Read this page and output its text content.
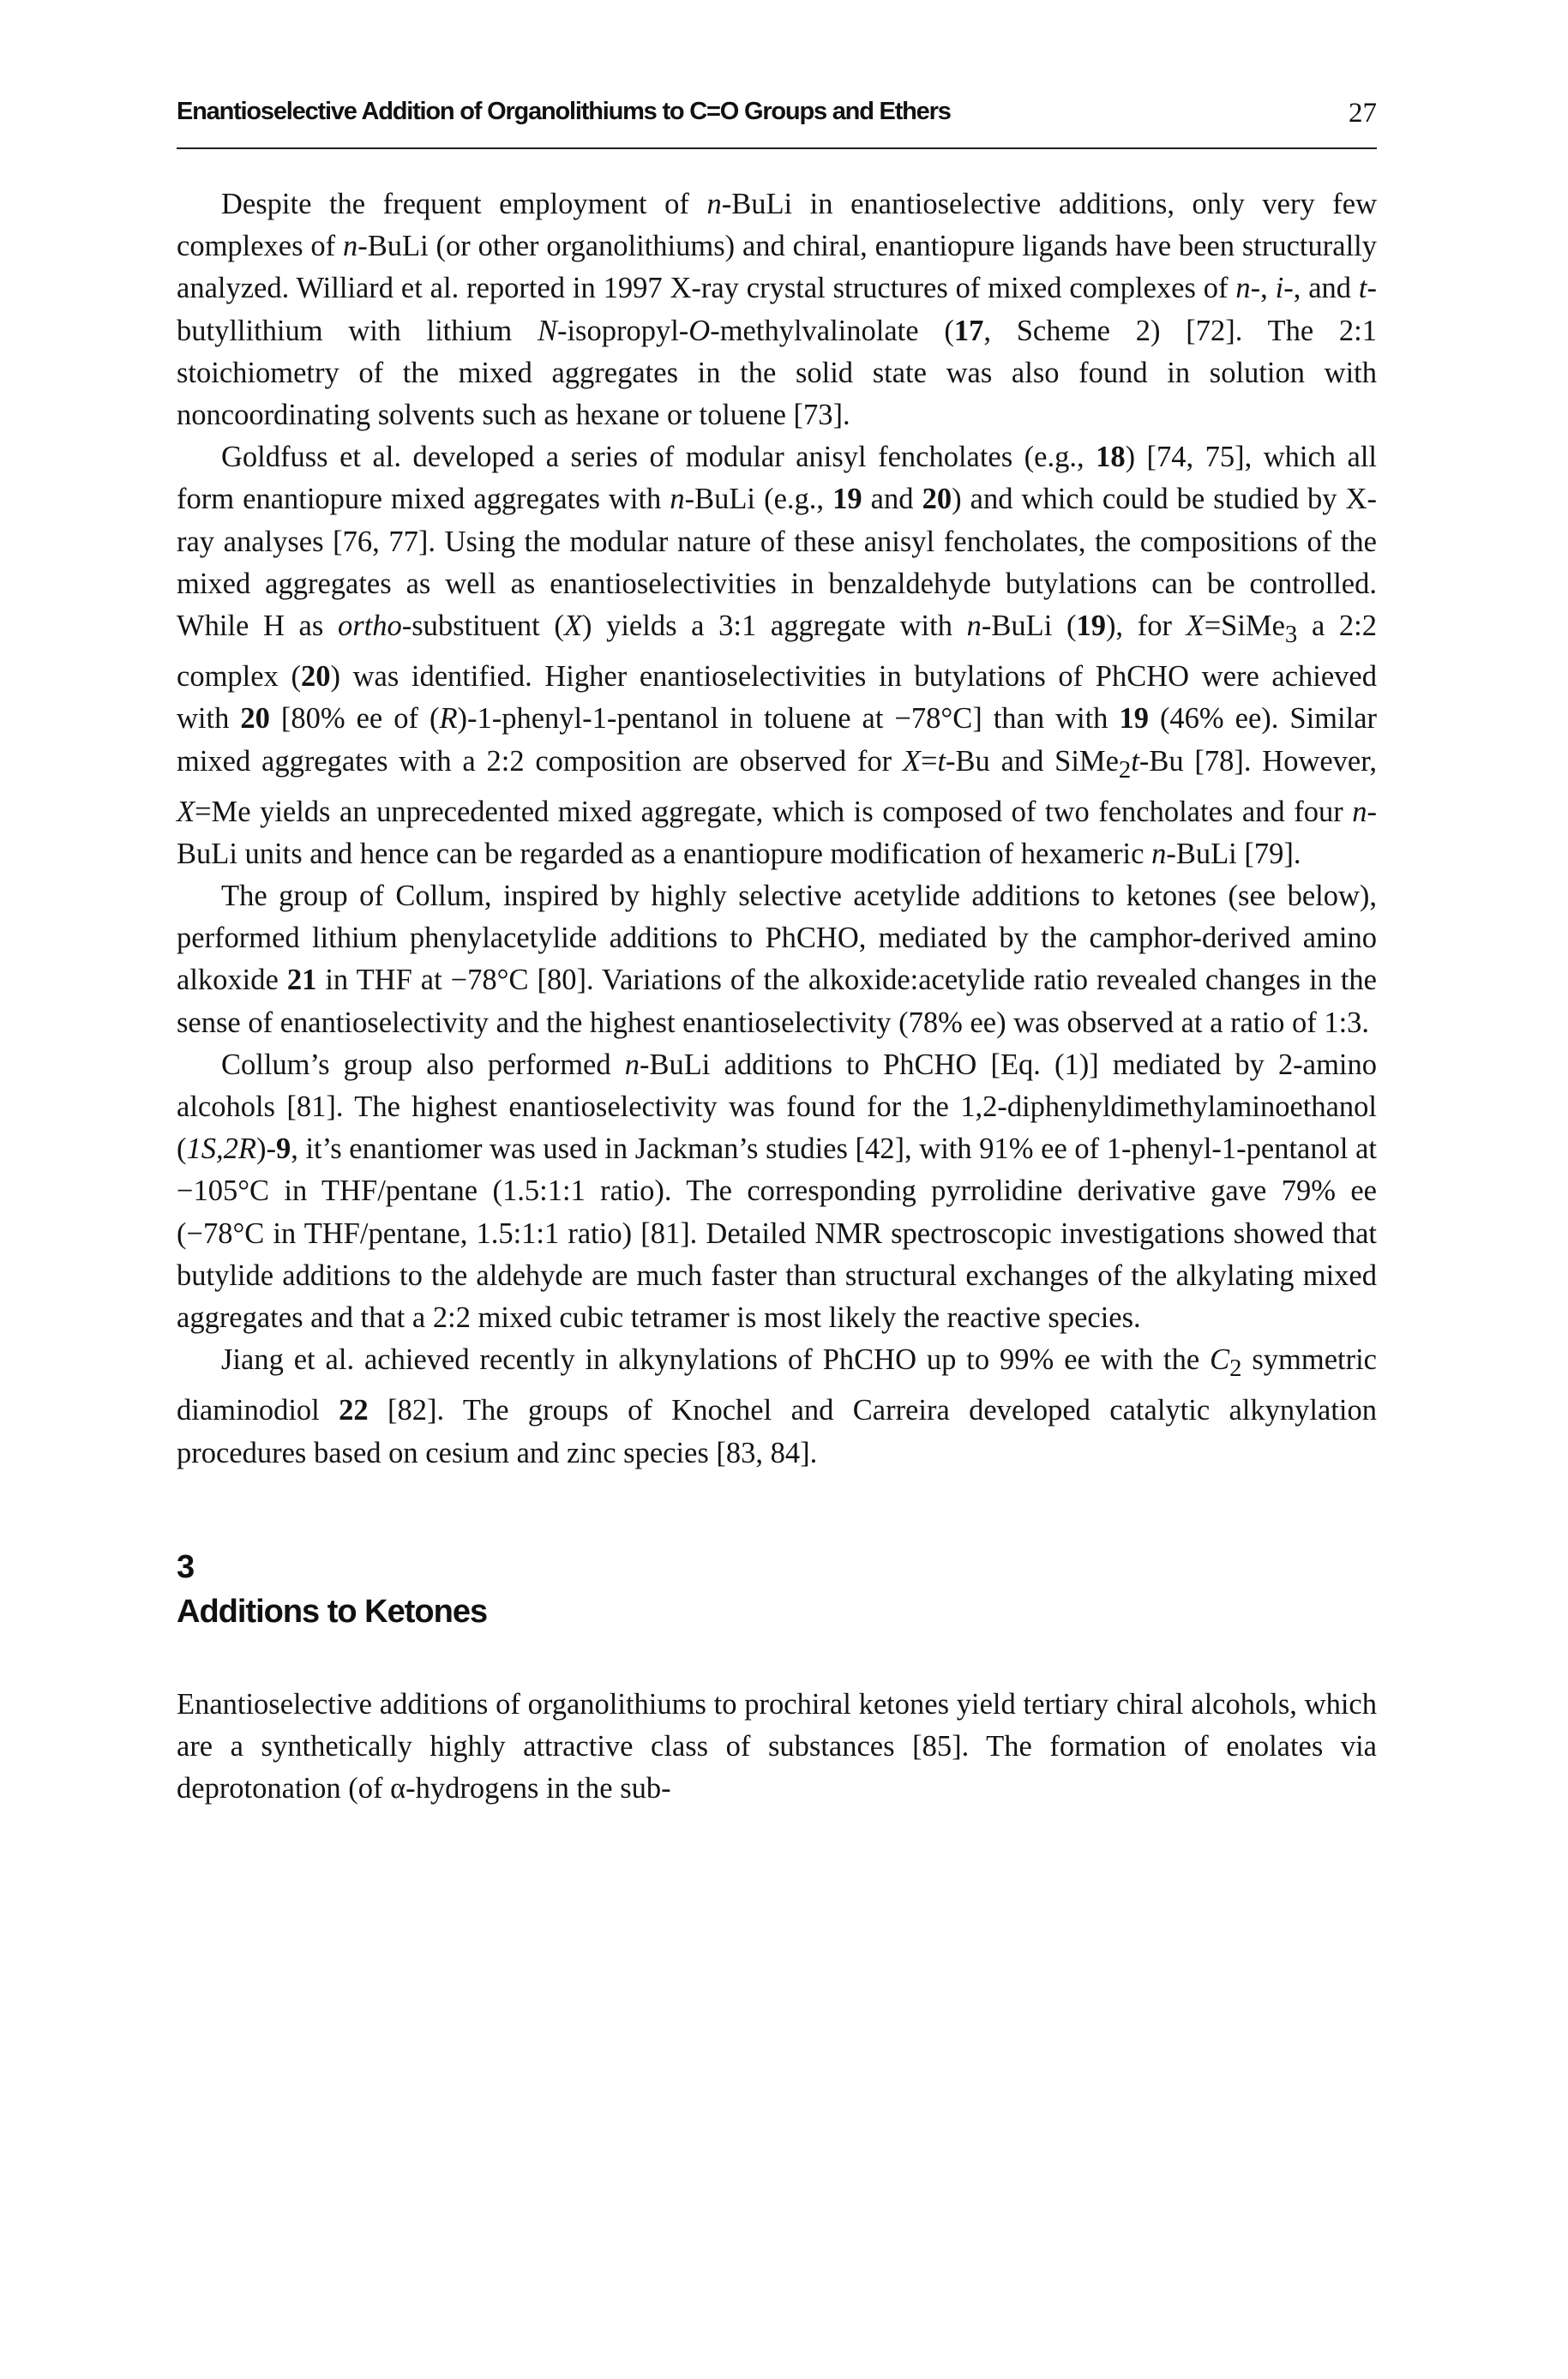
Enantioselective Addition of Organolithiums to C=O Groups and Ethers	27

Despite the frequent employment of n-BuLi in enantioselective additions, only very few complexes of n-BuLi (or other organolithiums) and chiral, enantiopure ligands have been structurally analyzed. Williard et al. reported in 1997 X-ray crystal structures of mixed complexes of n-, i-, and t-butyllithium with lithium N-isopropyl-O-methylvalinolate (17, Scheme 2) [72]. The 2:1 stoichiometry of the mixed aggregates in the solid state was also found in solution with noncoordinating solvents such as hexane or toluene [73].

Goldfuss et al. developed a series of modular anisyl fencholates (e.g., 18) [74, 75], which all form enantiopure mixed aggregates with n-BuLi (e.g., 19 and 20) and which could be studied by X-ray analyses [76, 77]. Using the modular nature of these anisyl fencholates, the compositions of the mixed aggregates as well as enantioselectivities in benzaldehyde butylations can be controlled. While H as ortho-substituent (X) yields a 3:1 aggregate with n-BuLi (19), for X=SiMe$_3$ a 2:2 complex (20) was identified. Higher enantioselectivities in butylations of PhCHO were achieved with 20 [80% ee of (R)-1-phenyl-1-pentanol in toluene at −78°C] than with 19 (46% ee). Similar mixed aggregates with a 2:2 composition are observed for X=t-Bu and SiMe$_2$t-Bu [78]. However, X=Me yields an unprecedented mixed aggregate, which is composed of two fencholates and four n-BuLi units and hence can be regarded as a enantiopure modification of hexameric n-BuLi [79].

The group of Collum, inspired by highly selective acetylide additions to ketones (see below), performed lithium phenylacetylide additions to PhCHO, mediated by the camphor-derived amino alkoxide 21 in THF at −78°C [80]. Variations of the alkoxide:acetylide ratio revealed changes in the sense of enantioselectivity and the highest enantioselectivity (78% ee) was observed at a ratio of 1:3.

Collum’s group also performed n-BuLi additions to PhCHO [Eq. (1)] mediated by 2-amino alcohols [81]. The highest enantioselectivity was found for the 1,2-diphenyldimethylaminoethanol (1S,2R)-9, it’s enantiomer was used in Jackman’s studies [42], with 91% ee of 1-phenyl-1-pentanol at −105°C in THF/pentane (1.5:1:1 ratio). The corresponding pyrrolidine derivative gave 79% ee (−78°C in THF/pentane, 1.5:1:1 ratio) [81]. Detailed NMR spectroscopic investigations showed that butylide additions to the aldehyde are much faster than structural exchanges of the alkylating mixed aggregates and that a 2:2 mixed cubic tetramer is most likely the reactive species.

Jiang et al. achieved recently in alkynylations of PhCHO up to 99% ee with the $C_2$ symmetric diaminodiol 22 [82]. The groups of Knochel and Carreira developed catalytic alkynylation procedures based on cesium and zinc species [83, 84].

3
Additions to Ketones

Enantioselective additions of organolithiums to prochiral ketones yield tertiary chiral alcohols, which are a synthetically highly attractive class of substances [85]. The formation of enolates via deprotonation (of α-hydrogens in the sub-
